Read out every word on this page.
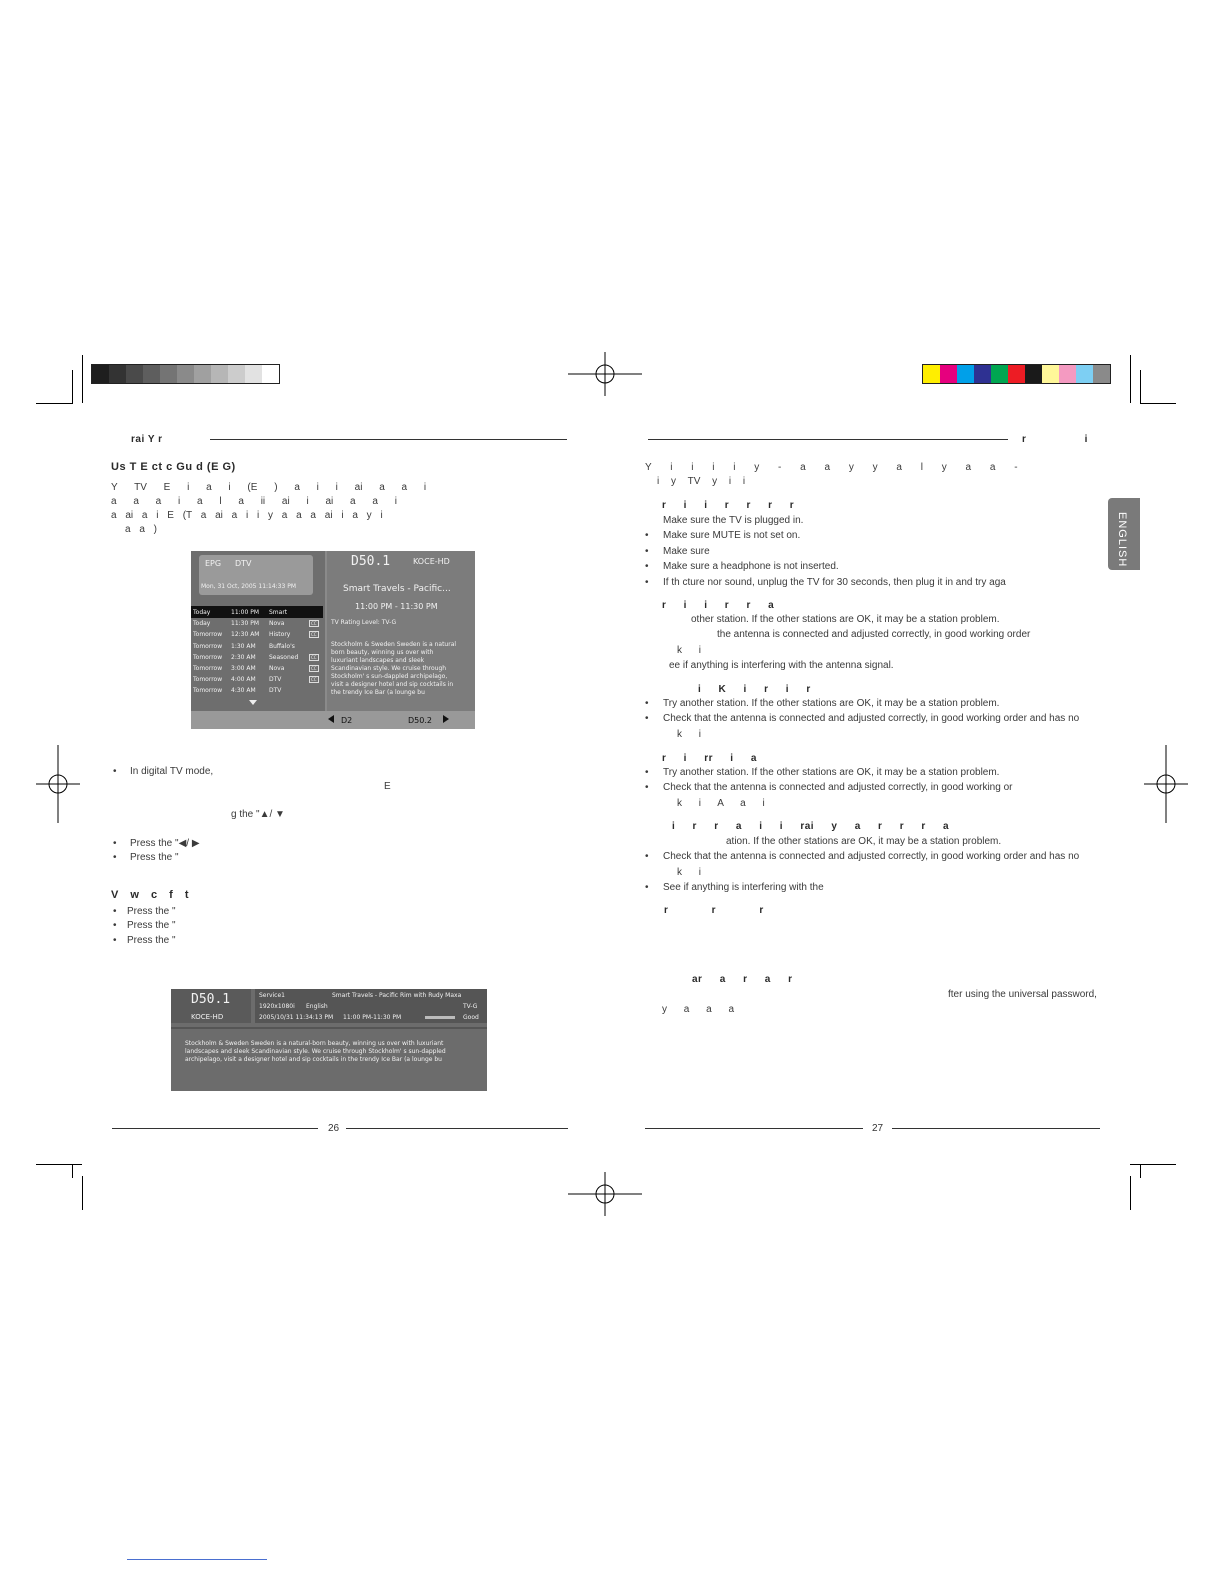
rai Y r
Us T E ct c Gu d (E G)
Y TV E i a i (E ) a i i ai a a i
a a a i a l a ii ai i ai a a i
a ai a i E (T a ai a i i y a a a ai i a y i
a a )
EPG DTV
Mon, 31 Oct, 2005 11:14:33 PM
D50.1	KOCE-HD
Smart Travels - Pacific...
11:00 PM - 11:30 PM
TV Rating Level: TV-G
Stockholm & Sweden Sweden is a natural
born beauty, winning us over with
luxuriant landscapes and sleek
Scandinavian style. We cruise through
Stockholm' s sun-dappled archipelago,
visit a designer hotel and sip cocktails in
the trendy Ice Bar (a lounge bu
Today	11:00 PM Smart
Today	11:30 PM Nova	CC
Tomorrow 12:30 AM History	CC
Tomorrow 1:30 AM Buffalo's
Tomorrow 2:30 AM Seasoned	CC
Tomorrow 3:00 AM Nova	CC
Tomorrow 4:00 AM DTV	CC
Tomorrow 4:30 AM DTV
D2	D50.2
• In digital TV mode,
E
g the "▲/ ▼
• Press the "◀/ ▶
• Press the "
V w c f t
• Press the "
• Press the "
• Press the "
D50.1
KOCE-HD
Service1	Smart Travels - Pacific Rim with Rudy Maxa
1920x1080i English	TV-G
2005/10/31 11:34:13 PM 11:00 PM-11:30 PM	Good
Stockholm & Sweden Sweden is a natural-born beauty, winning us over with luxuriant
landscapes and sleek Scandinavian style. We cruise through Stockholm' s sun-dappled
archipelago, visit a designer hotel and sip cocktails in the trendy Ice Bar (a lounge bu
26
r i
ENGLISH
Y i i i i y - a a y y a l y a a -
i y TV y i i
r i i r r r r
Make sure the TV is plugged in.
• Make sure MUTE is not set on.
• Make sure
• Make sure a headphone is not inserted.
• If th cture nor sound, unplug the TV for 30 seconds, then plug it in and try aga
r i i r r a
other station. If the other stations are OK, it may be a station problem.
the antenna is connected and adjusted correctly, in good working order
k i
ee if anything is interfering with the antenna signal.
i K i r i r
• Try another station. If the other stations are OK, it may be a station problem.
• Check that the antenna is connected and adjusted correctly, in good working order and has no
k i
r i rr i a
• Try another station. If the other stations are OK, it may be a station problem.
• Check that the antenna is connected and adjusted correctly, in good working or
k i A a i
i r r a i i rai y a r r r a
ation. If the other stations are OK, it may be a station problem.
• Check that the antenna is connected and adjusted correctly, in good working order and has no
k i
• See if anything is interfering with the
r r r
ar a r a r
fter using the universal password,
y a a a
27
